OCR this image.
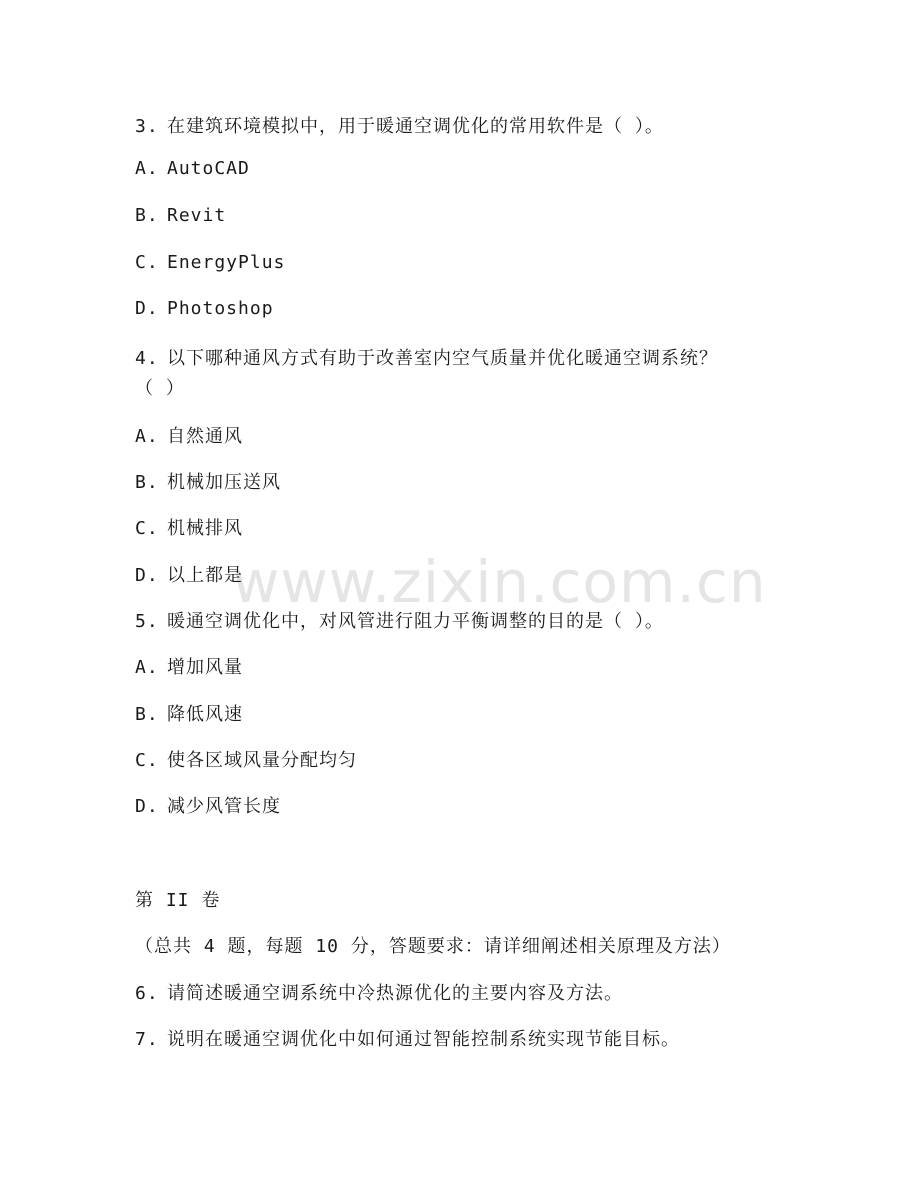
www.zixin.com.cn
3. 在建筑环境模拟中，用于暖通空调优化的常用软件是（ ）。
A. AutoCAD
B. Revit
C. EnergyPlus
D. Photoshop
4. 以下哪种通风方式有助于改善室内空气质量并优化暖通空调系统？
（ ）
A. 自然通风
B. 机械加压送风
C. 机械排风
D. 以上都是
5. 暖通空调优化中，对风管进行阻力平衡调整的目的是（ ）。
A. 增加风量
B. 降低风速
C. 使各区域风量分配均匀
D. 减少风管长度
第 II 卷
（总共 4 题，每题 10 分，答题要求：请详细阐述相关原理及方法）
6. 请简述暖通空调系统中冷热源优化的主要内容及方法。
7. 说明在暖通空调优化中如何通过智能控制系统实现节能目标。
